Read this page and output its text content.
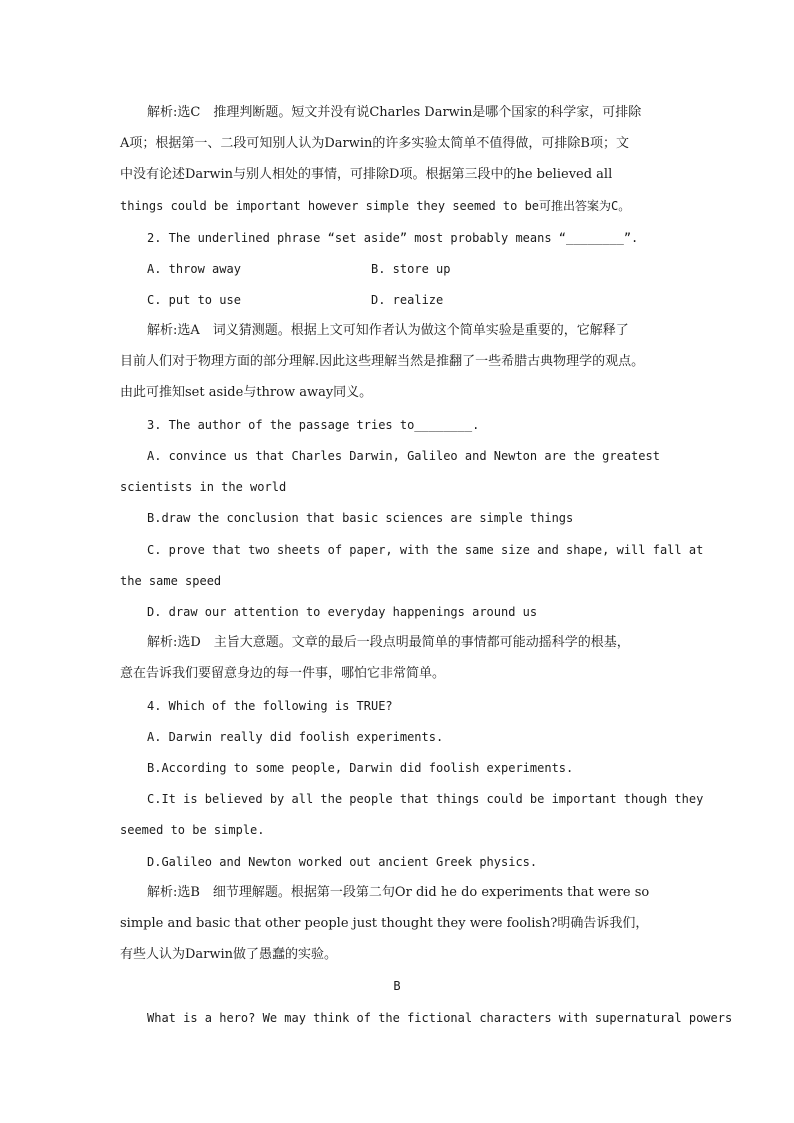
解析:选C　推理判断题。短文并没有说Charles Darwin是哪个国家的科学家，可排除
A项；根据第一、二段可知别人认为Darwin的许多实验太简单不值得做，可排除B项；文
中没有论述Darwin与别人相处的事情，可排除D项。根据第三段中的he believed all
things could be important however simple they seemed to be可推出答案为C。
2. The underlined phrase “set aside” most probably means “________”.
A. throw away	B. store up
C. put to use	D. realize
解析:选A　词义猜测题。根据上文可知作者认为做这个简单实验是重要的，它解释了
目前人们对于物理方面的部分理解.因此这些理解当然是推翻了一些希腊古典物理学的观点。
由此可推知set aside与throw away同义。
3. The author of the passage tries to________.
A. convince us that Charles Darwin, Galileo and Newton are the greatest
scientists in the world
B.draw the conclusion that basic sciences are simple things
C. prove that two sheets of paper, with the same size and shape, will fall at
the same speed
D. draw our attention to everyday happenings around us
解析:选D　主旨大意题。文章的最后一段点明最简单的事情都可能动摇科学的根基，
意在告诉我们要留意身边的每一件事，哪怕它非常简单。
4. Which of the following is TRUE?
A. Darwin really did foolish experiments.
B.According to some people, Darwin did foolish experiments.
C.It is believed by all the people that things could be important though they
seemed to be simple.
D.Galileo and Newton worked out ancient Greek physics.
解析:选B　细节理解题。根据第一段第二句Or did he do experiments that were so
simple and basic that other people just thought they were foolish?明确告诉我们，
有些人认为Darwin做了愚蠢的实验。
B
What is a hero? We may think of the fictional characters with supernatural powers
